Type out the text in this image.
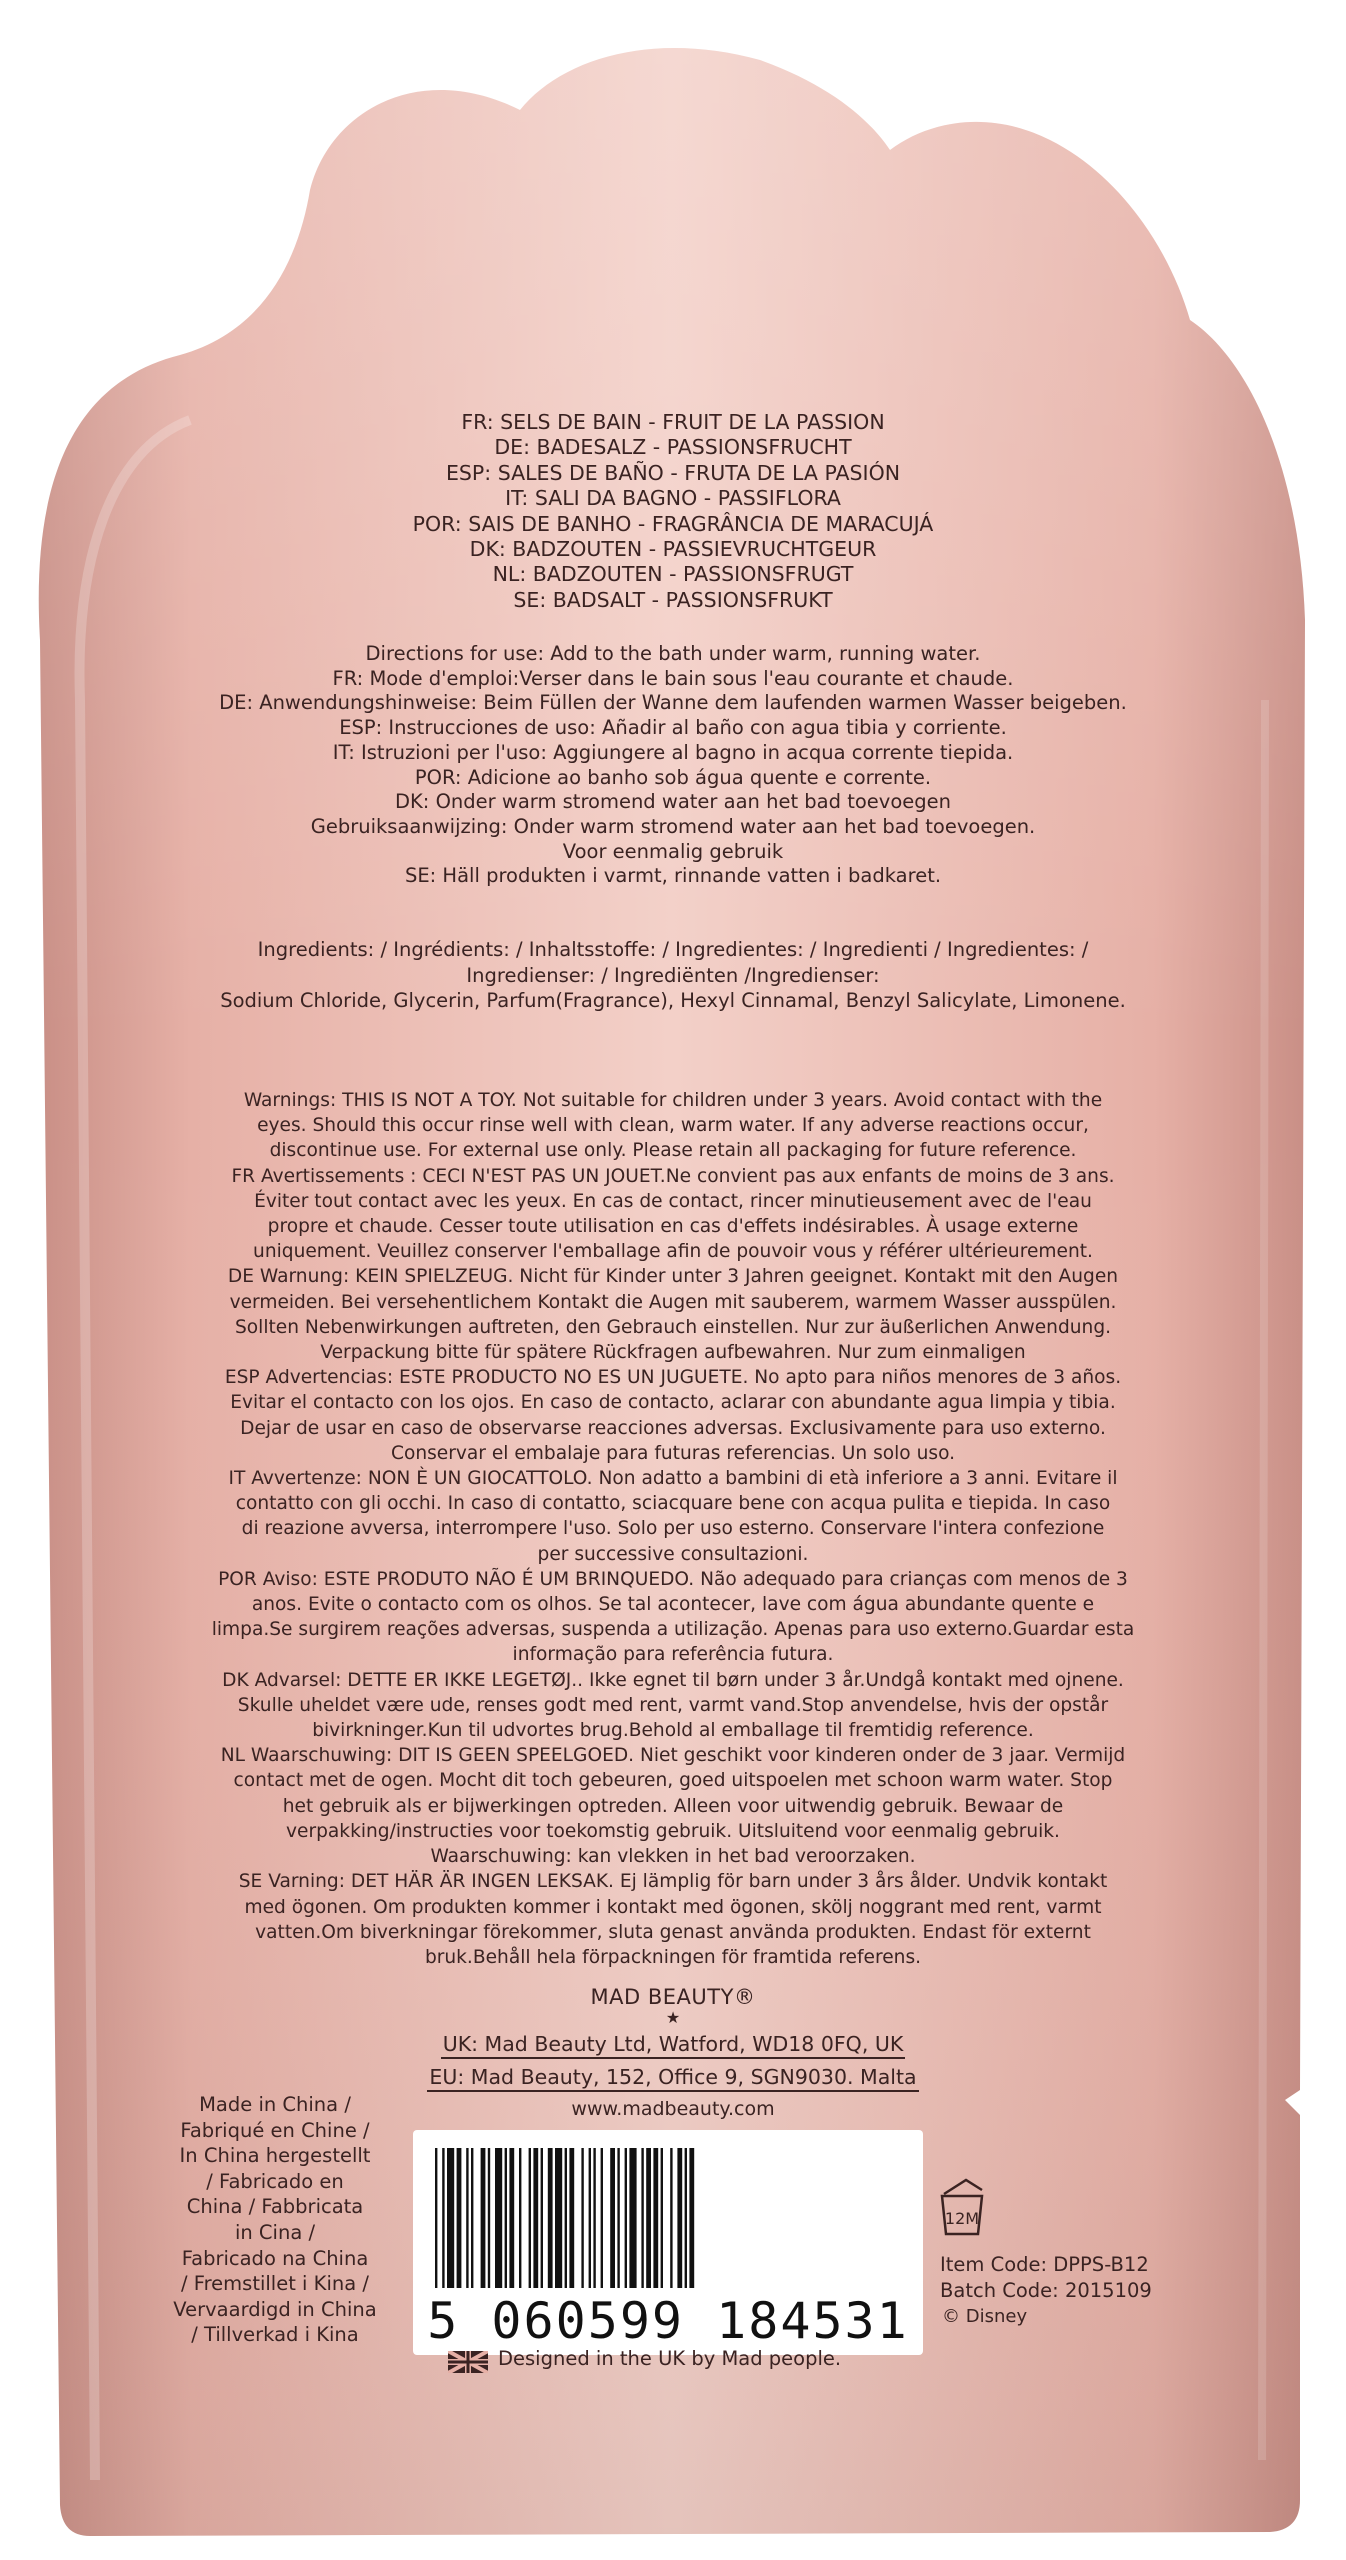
FR: SELS DE BAIN - FRUIT DE LA PASSION
DE: BADESALZ - PASSIONSFRUCHT
ESP: SALES DE BAÑO - FRUTA DE LA PASIÓN
IT: SALI DA BAGNO - PASSIFLORA
POR: SAIS DE BANHO - FRAGRÂNCIA DE MARACUJÁ
DK: BADZOUTEN - PASSIEVRUCHTGEUR
NL: BADZOUTEN - PASSIONSFRUGT
SE: BADSALT - PASSIONSFRUKT
Directions for use: Add to the bath under warm, running water.
FR: Mode d'emploi:Verser dans le bain sous l'eau courante et chaude.
DE: Anwendungshinweise: Beim Füllen der Wanne dem laufenden warmen Wasser beigeben.
ESP: Instrucciones de uso: Añadir al baño con agua tibia y corriente.
IT: Istruzioni per l'uso: Aggiungere al bagno in acqua corrente tiepida.
POR: Adicione ao banho sob água quente e corrente.
DK: Onder warm stromend water aan het bad toevoegen
Gebruiksaanwijzing: Onder warm stromend water aan het bad toevoegen.
Voor eenmalig gebruik
SE: Häll produkten i varmt, rinnande vatten i badkaret.
Ingredients: / Ingrédients: / Inhaltsstoffe: / Ingredientes: / Ingredienti / Ingredientes: /
Ingredienser: / Ingrediënten /Ingredienser:
Sodium Chloride, Glycerin, Parfum(Fragrance), Hexyl Cinnamal, Benzyl Salicylate, Limonene.
Warnings: THIS IS NOT A TOY. Not suitable for children under 3 years. Avoid contact with the
eyes. Should this occur rinse well with clean, warm water. If any adverse reactions occur,
discontinue use. For external use only. Please retain all packaging for future reference.
FR Avertissements : CECI N'EST PAS UN JOUET.Ne convient pas aux enfants de moins de 3 ans.
Éviter tout contact avec les yeux. En cas de contact, rincer minutieusement avec de l'eau
propre et chaude. Cesser toute utilisation en cas d'effets indésirables. À usage externe
uniquement. Veuillez conserver l'emballage afin de pouvoir vous y référer ultérieurement.
DE Warnung: KEIN SPIELZEUG. Nicht für Kinder unter 3 Jahren geeignet. Kontakt mit den Augen
vermeiden. Bei versehentlichem Kontakt die Augen mit sauberem, warmem Wasser ausspülen.
Sollten Nebenwirkungen auftreten, den Gebrauch einstellen. Nur zur äußerlichen Anwendung.
Verpackung bitte für spätere Rückfragen aufbewahren. Nur zum einmaligen
ESP Advertencias: ESTE PRODUCTO NO ES UN JUGUETE. No apto para niños menores de 3 años.
Evitar el contacto con los ojos. En caso de contacto, aclarar con abundante agua limpia y tibia.
Dejar de usar en caso de observarse reacciones adversas. Exclusivamente para uso externo.
Conservar el embalaje para futuras referencias. Un solo uso.
IT Avvertenze: NON È UN GIOCATTOLO. Non adatto a bambini di età inferiore a 3 anni. Evitare il
contatto con gli occhi. In caso di contatto, sciacquare bene con acqua pulita e tiepida. In caso
di reazione avversa, interrompere l'uso. Solo per uso esterno. Conservare l'intera confezione
per successive consultazioni.
POR Aviso: ESTE PRODUTO NÃO É UM BRINQUEDO. Não adequado para crianças com menos de 3
anos. Evite o contacto com os olhos. Se tal acontecer, lave com água abundante quente e
limpa.Se surgirem reações adversas, suspenda a utilização. Apenas para uso externo.Guardar esta
informação para referência futura.
DK Advarsel: DETTE ER IKKE LEGETØJ.. Ikke egnet til børn under 3 år.Undgå kontakt med ojnene.
Skulle uheldet være ude, renses godt med rent, varmt vand.Stop anvendelse, hvis der opstår
bivirkninger.Kun til udvortes brug.Behold al emballage til fremtidig reference.
NL Waarschuwing: DIT IS GEEN SPEELGOED. Niet geschikt voor kinderen onder de 3 jaar. Vermijd
contact met de ogen. Mocht dit toch gebeuren, goed uitspoelen met schoon warm water. Stop
het gebruik als er bijwerkingen optreden. Alleen voor uitwendig gebruik. Bewaar de
verpakking/instructies voor toekomstig gebruik. Uitsluitend voor eenmalig gebruik.
Waarschuwing: kan vlekken in het bad veroorzaken.
SE Varning: DET HÄR ÄR INGEN LEKSAK. Ej lämplig för barn under 3 års ålder. Undvik kontakt
med ögonen. Om produkten kommer i kontakt med ögonen, skölj noggrant med rent, varmt
vatten.Om biverkningar förekommer, sluta genast använda produkten. Endast för externt
bruk.Behåll hela förpackningen för framtida referens.
MAD BEAUTY®
★
UK: Mad Beauty Ltd, Watford, WD18 0FQ, UK
EU: Mad Beauty, 152, Office 9, SGN9030. Malta
www.madbeauty.com
Made in China /
Fabriqué en Chine /
In China hergestellt
/ Fabricado en
China / Fabbricata
in Cina /
Fabricado na China
/ Fremstillet i Kina /
Vervaardigd in China
/ Tillverkad i Kina	5 060599 184531
12M
Item Code: DPPS-B12
Batch Code: 2015109
© Disney
Designed in the UK by Mad people.
